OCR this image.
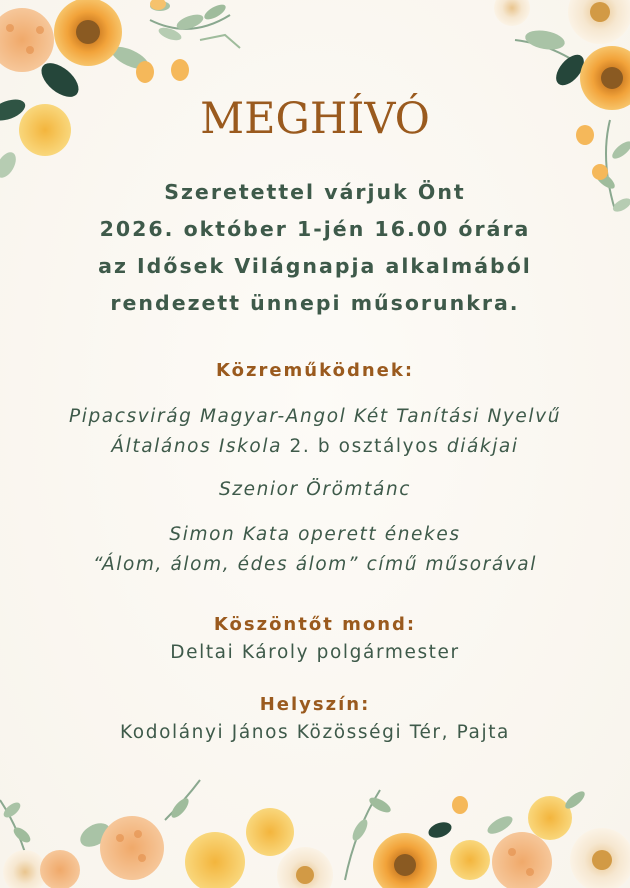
MEGHÍVÓ
Szeretettel várjuk Önt
2026. október 1-jén 16.00 órára
az Idősek Világnapja alkalmából
rendezett ünnepi műsorunkra.
Közreműködnek:
Pipacsvirág Magyar-Angol Két Tanítási Nyelvű
Általános Iskola 2. b osztályos diákjai
Szenior Örömtánc
Simon Kata operett énekes
“Álom, álom, édes álom” című műsorával
Köszöntőt mond:
Deltai Károly polgármester
Helyszín:
Kodolányi János Közösségi Tér, Pajta
